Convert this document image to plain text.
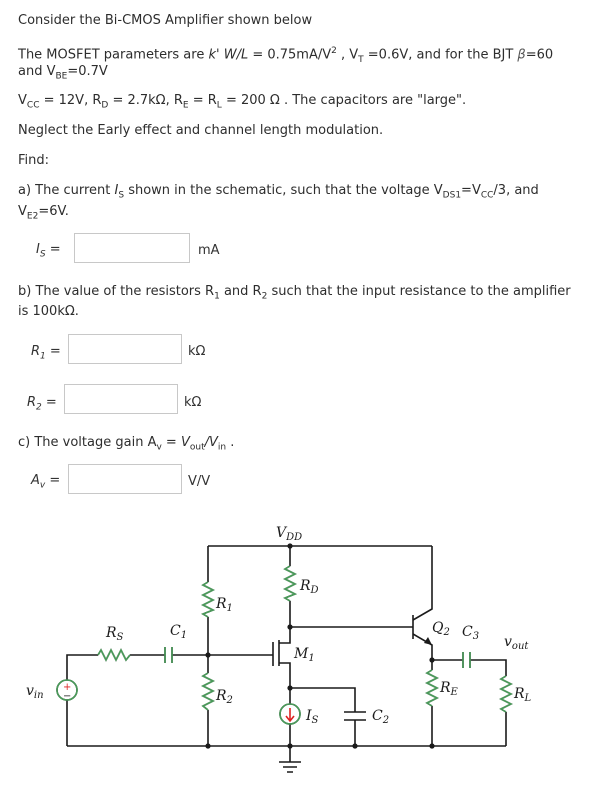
Consider the Bi-CMOS Amplifier shown below
The MOSFET parameters are k' $W/L = 0.75mA/V^2$ , $V_T =0.6V$, and for the BJT β=60
and $V_{BE}=0.7V$
$V_{CC} = 12V$, $R_D = 2.7k\Omega$, $R_E = R_L = 200$ Ω . The capacitors are "large".
Neglect the Early effect and channel length modulation.
Find:
a) The current $I_S$ shown in the schematic, such that the voltage $V_{DS1}=V_{CC}/3$, and
$V_{E2}=6V$.
$I_S$ =	mA
b) The value of the resistors $R_1$ and $R_2$ such that the input resistance to the amplifier
is 100kΩ.
$R_1$ =	kΩ
$R_2$ =	kΩ
c) The voltage gain $A_v = V_{out}/V_{in}$ .
$A_v$ =	V/V
$V_{DD}$
$R_D$
$R_1$
$R_2$
$R_S$	$C_1$
$M_1$
$Q_2$ $C_3$ $v_{out}$
$R_E$	$R_L$
$v_{in}$
$I_S$	$C_2$
+
−
